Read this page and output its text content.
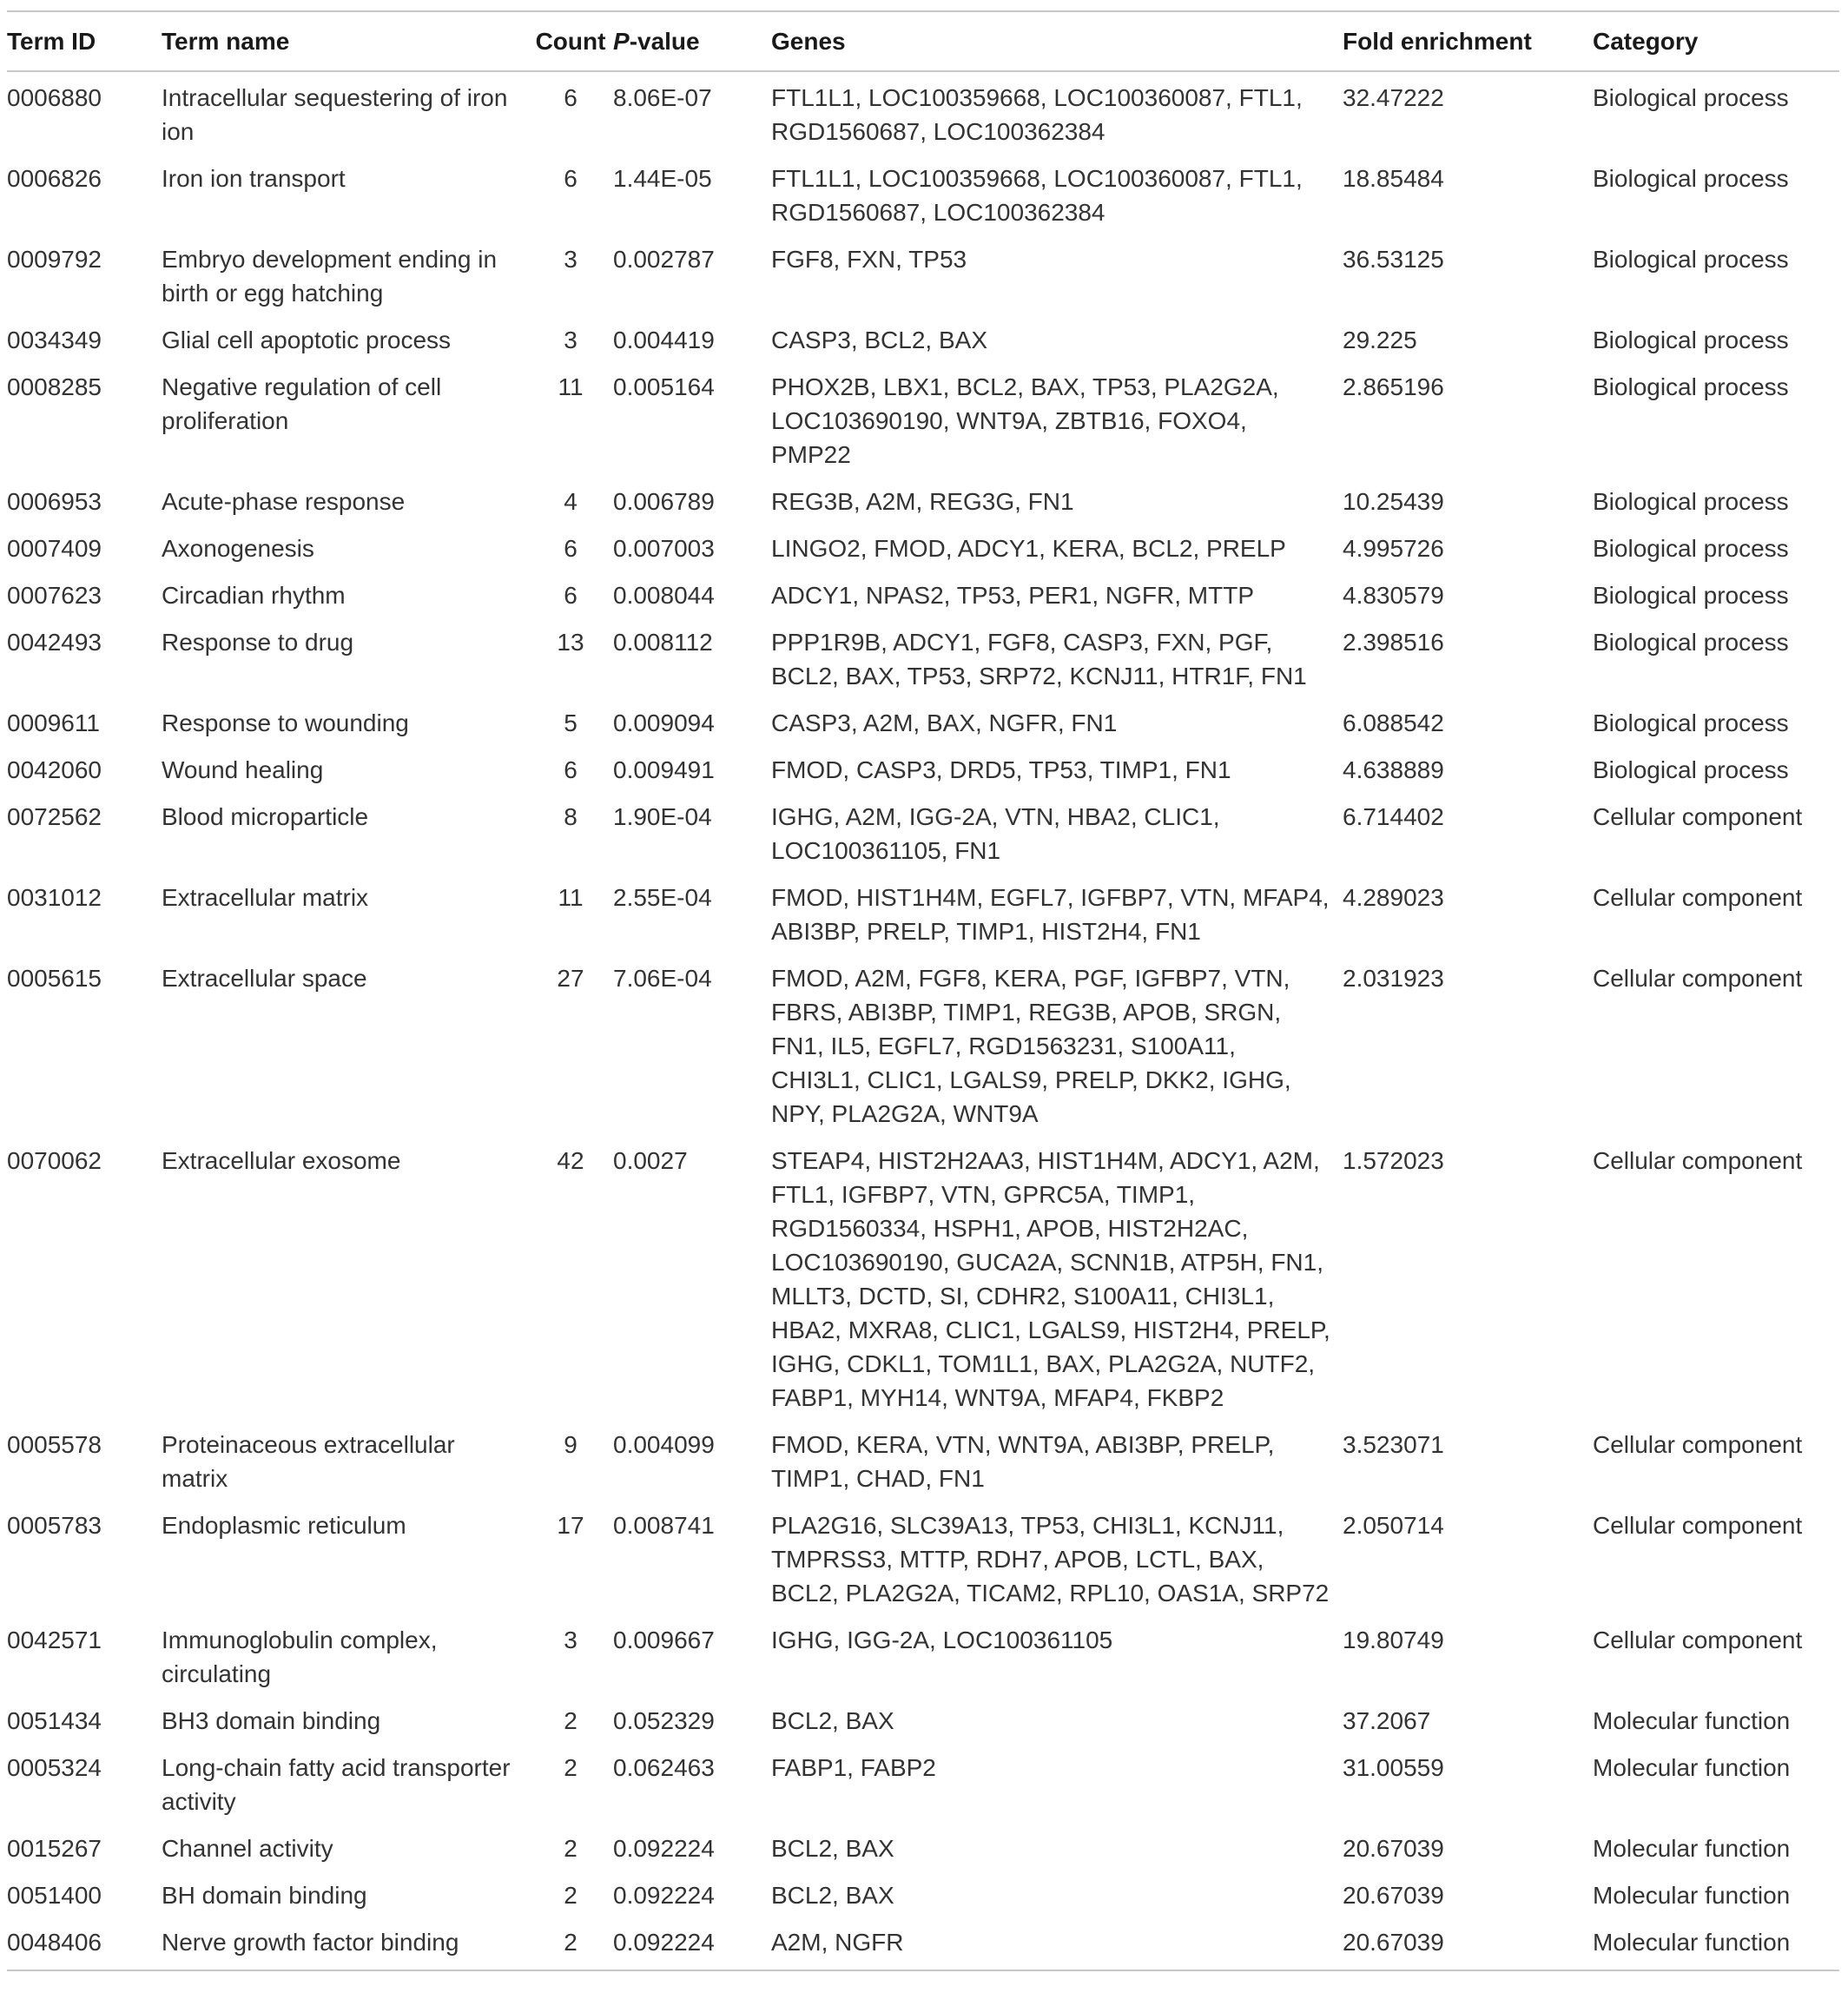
Term ID	Term name	Count	P-value	Genes	Fold enrichment	Category
0006880	Intracellular sequestering of iron ion	6	8.06E-07	FTL1L1, LOC100359668, LOC100360087, FTL1, RGD1560687, LOC100362384	32.47222	Biological process
0006826	Iron ion transport	6	1.44E-05	FTL1L1, LOC100359668, LOC100360087, FTL1, RGD1560687, LOC100362384	18.85484	Biological process
0009792	Embryo development ending in birth or egg hatching	3	0.002787	FGF8, FXN, TP53	36.53125	Biological process
0034349	Glial cell apoptotic process	3	0.004419	CASP3, BCL2, BAX	29.225	Biological process
0008285	Negative regulation of cell proliferation	11	0.005164	PHOX2B, LBX1, BCL2, BAX, TP53, PLA2G2A, LOC103690190, WNT9A, ZBTB16, FOXO4, PMP22	2.865196	Biological process
0006953	Acute-phase response	4	0.006789	REG3B, A2M, REG3G, FN1	10.25439	Biological process
0007409	Axonogenesis	6	0.007003	LINGO2, FMOD, ADCY1, KERA, BCL2, PRELP	4.995726	Biological process
0007623	Circadian rhythm	6	0.008044	ADCY1, NPAS2, TP53, PER1, NGFR, MTTP	4.830579	Biological process
0042493	Response to drug	13	0.008112	PPP1R9B, ADCY1, FGF8, CASP3, FXN, PGF, BCL2, BAX, TP53, SRP72, KCNJ11, HTR1F, FN1	2.398516	Biological process
0009611	Response to wounding	5	0.009094	CASP3, A2M, BAX, NGFR, FN1	6.088542	Biological process
0042060	Wound healing	6	0.009491	FMOD, CASP3, DRD5, TP53, TIMP1, FN1	4.638889	Biological process
0072562	Blood microparticle	8	1.90E-04	IGHG, A2M, IGG-2A, VTN, HBA2, CLIC1, LOC100361105, FN1	6.714402	Cellular component
0031012	Extracellular matrix	11	2.55E-04	FMOD, HIST1H4M, EGFL7, IGFBP7, VTN, MFAP4, ABI3BP, PRELP, TIMP1, HIST2H4, FN1	4.289023	Cellular component
0005615	Extracellular space	27	7.06E-04	FMOD, A2M, FGF8, KERA, PGF, IGFBP7, VTN, FBRS, ABI3BP, TIMP1, REG3B, APOB, SRGN, FN1, IL5, EGFL7, RGD1563231, S100A11, CHI3L1, CLIC1, LGALS9, PRELP, DKK2, IGHG, NPY, PLA2G2A, WNT9A	2.031923	Cellular component
0070062	Extracellular exosome	42	0.0027	STEAP4, HIST2H2AA3, HIST1H4M, ADCY1, A2M, FTL1, IGFBP7, VTN, GPRC5A, TIMP1, RGD1560334, HSPH1, APOB, HIST2H2AC, LOC103690190, GUCA2A, SCNN1B, ATP5H, FN1, MLLT3, DCTD, SI, CDHR2, S100A11, CHI3L1, HBA2, MXRA8, CLIC1, LGALS9, HIST2H4, PRELP, IGHG, CDKL1, TOM1L1, BAX, PLA2G2A, NUTF2, FABP1, MYH14, WNT9A, MFAP4, FKBP2	1.572023	Cellular component
0005578	Proteinaceous extracellular matrix	9	0.004099	FMOD, KERA, VTN, WNT9A, ABI3BP, PRELP, TIMP1, CHAD, FN1	3.523071	Cellular component
0005783	Endoplasmic reticulum	17	0.008741	PLA2G16, SLC39A13, TP53, CHI3L1, KCNJ11, TMPRSS3, MTTP, RDH7, APOB, LCTL, BAX, BCL2, PLA2G2A, TICAM2, RPL10, OAS1A, SRP72	2.050714	Cellular component
0042571	Immunoglobulin complex, circulating	3	0.009667	IGHG, IGG-2A, LOC100361105	19.80749	Cellular component
0051434	BH3 domain binding	2	0.052329	BCL2, BAX	37.2067	Molecular function
0005324	Long-chain fatty acid transporter activity	2	0.062463	FABP1, FABP2	31.00559	Molecular function
0015267	Channel activity	2	0.092224	BCL2, BAX	20.67039	Molecular function
0051400	BH domain binding	2	0.092224	BCL2, BAX	20.67039	Molecular function
0048406	Nerve growth factor binding	2	0.092224	A2M, NGFR	20.67039	Molecular function
